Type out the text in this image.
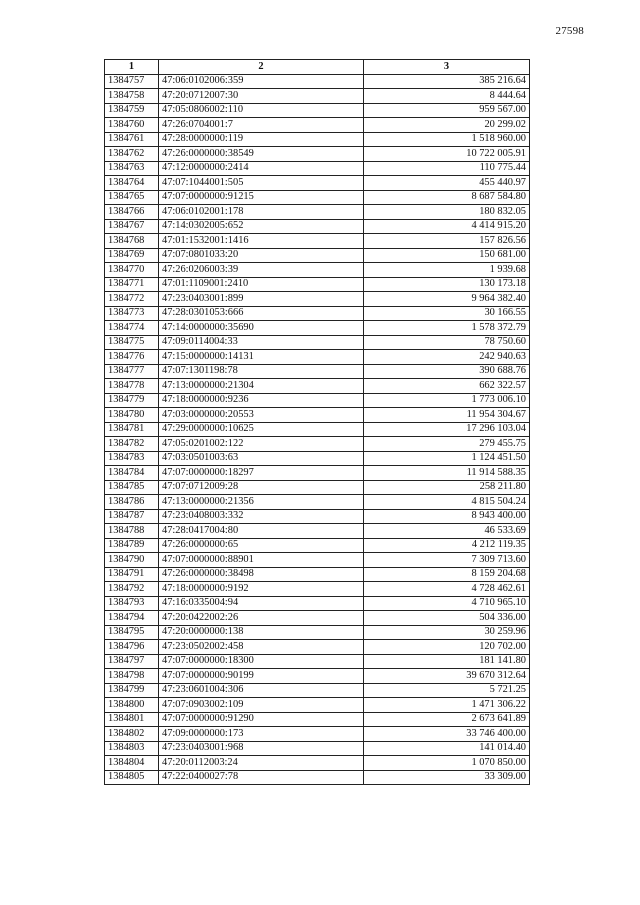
27598
1	2	3
1384757	47:06:0102006:359	385 216.64
1384758	47:20:0712007:30	8 444.64
1384759	47:05:0806002:110	959 567.00
1384760	47:26:0704001:7	20 299.02
1384761	47:28:0000000:119	1 518 960.00
1384762	47:26:0000000:38549	10 722 005.91
1384763	47:12:0000000:2414	110 775.44
1384764	47:07:1044001:505	455 440.97
1384765	47:07:0000000:91215	8 687 584.80
1384766	47:06:0102001:178	180 832.05
1384767	47:14:0302005:652	4 414 915.20
1384768	47:01:1532001:1416	157 826.56
1384769	47:07:0801033:20	150 681.00
1384770	47:26:0206003:39	1 939.68
1384771	47:01:1109001:2410	130 173.18
1384772	47:23:0403001:899	9 964 382.40
1384773	47:28:0301053:666	30 166.55
1384774	47:14:0000000:35690	1 578 372.79
1384775	47:09:0114004:33	78 750.60
1384776	47:15:0000000:14131	242 940.63
1384777	47:07:1301198:78	390 688.76
1384778	47:13:0000000:21304	662 322.57
1384779	47:18:0000000:9236	1 773 006.10
1384780	47:03:0000000:20553	11 954 304.67
1384781	47:29:0000000:10625	17 296 103.04
1384782	47:05:0201002:122	279 455.75
1384783	47:03:0501003:63	1 124 451.50
1384784	47:07:0000000:18297	11 914 588.35
1384785	47:07:0712009:28	258 211.80
1384786	47:13:0000000:21356	4 815 504.24
1384787	47:23:0408003:332	8 943 400.00
1384788	47:28:0417004:80	46 533.69
1384789	47:26:0000000:65	4 212 119.35
1384790	47:07:0000000:88901	7 309 713.60
1384791	47:26:0000000:38498	8 159 204.68
1384792	47:18:0000000:9192	4 728 462.61
1384793	47:16:0335004:94	4 710 965.10
1384794	47:20:0422002:26	504 336.00
1384795	47:20:0000000:138	30 259.96
1384796	47:23:0502002:458	120 702.00
1384797	47:07:0000000:18300	181 141.80
1384798	47:07:0000000:90199	39 670 312.64
1384799	47:23:0601004:306	5 721.25
1384800	47:07:0903002:109	1 471 306.22
1384801	47:07:0000000:91290	2 673 641.89
1384802	47:09:0000000:173	33 746 400.00
1384803	47:23:0403001:968	141 014.40
1384804	47:20:0112003:24	1 070 850.00
1384805	47:22:0400027:78	33 309.00
